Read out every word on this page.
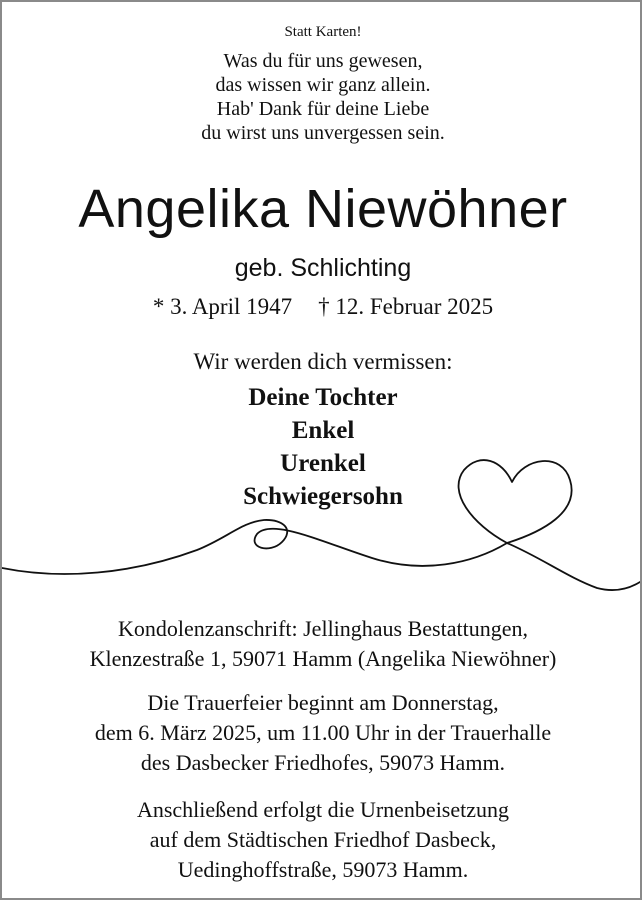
Statt Karten!
Was du für uns gewesen,
das wissen wir ganz allein.
Hab' Dank für deine Liebe
du wirst uns unvergessen sein.
Angelika Niewöhner
geb. Schlichting
* 3. April 1947 † 12. Februar 2025
Wir werden dich vermissen:
Deine Tochter
Enkel
Urenkel
Schwiegersohn
Kondolenzanschrift: Jellinghaus Bestattungen,
Klenzestraße 1, 59071 Hamm (Angelika Niewöhner)
Die Trauerfeier beginnt am Donnerstag,
dem 6. März 2025, um 11.00 Uhr in der Trauerhalle
des Dasbecker Friedhofes, 59073 Hamm.
Anschließend erfolgt die Urnenbeisetzung
auf dem Städtischen Friedhof Dasbeck,
Uedinghoffstraße, 59073 Hamm.
